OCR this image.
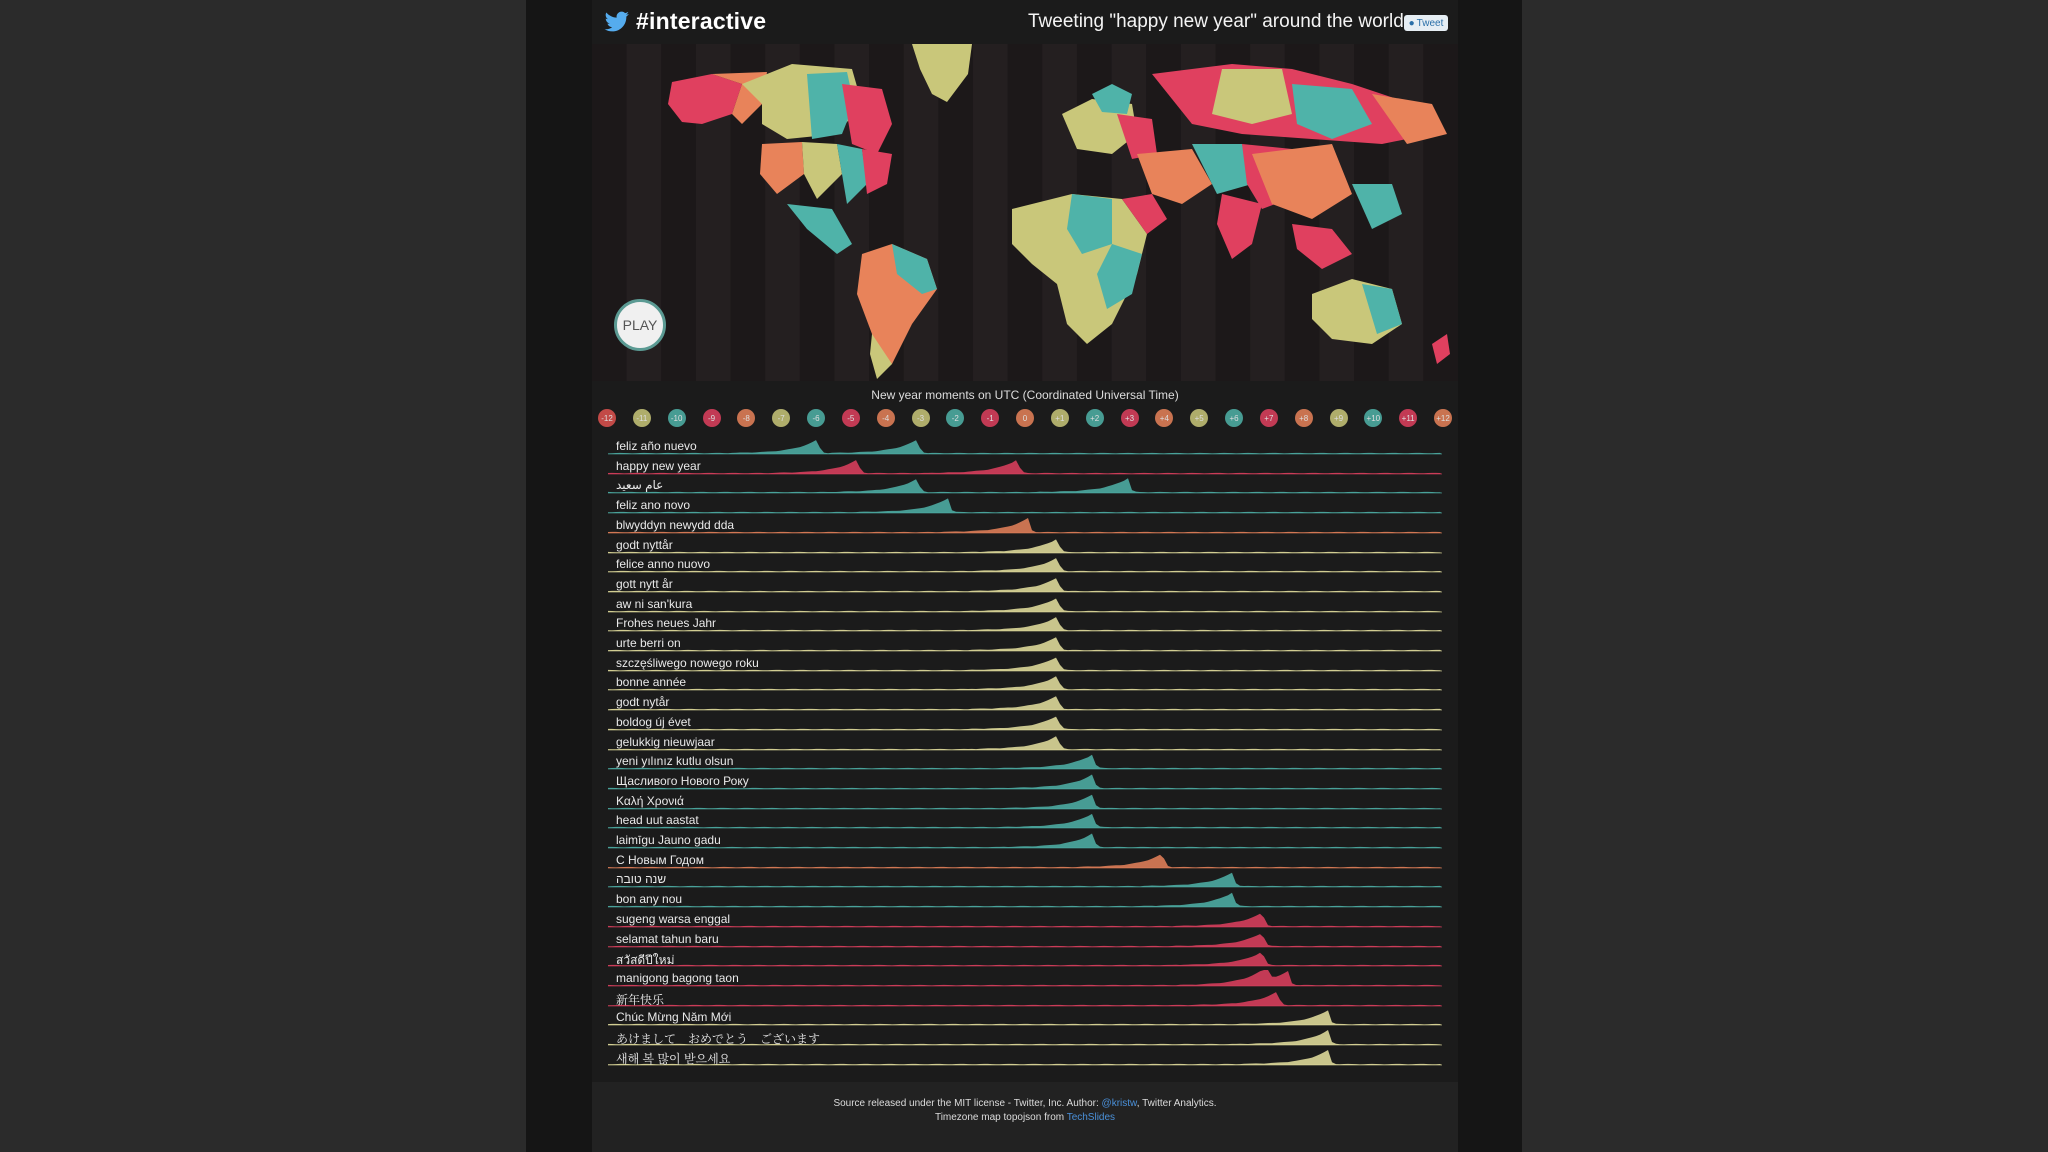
#interactive	Tweeting "happy new year" around the world ● Tweet
PLAY
New year moments on UTC (Coordinated Universal Time)
-12	-11	-10	-9	-8	-7	-6	-5	-4	-3	-2	-1	0	+1	+2	+3	+4	+5	+6	+7	+8	+9	+10	+11	+12
feliz año nuevo
happy new year
عام سعيد
feliz ano novo
blwyddyn newydd dda
godt nyttår
felice anno nuovo
gott nytt år
aw ni san'kura
Frohes neues Jahr
urte berri on
szczęśliwego nowego roku
bonne année
godt nytår
boldog új évet
gelukkig nieuwjaar
yeni yılınız kutlu olsun
Щасливого Нового Року
Καλή Χρονιά
head uut aastat
laimīgu Jauno gadu
С Новым Годом
שנה טובה
bon any nou
sugeng warsa enggal
selamat tahun baru
สวัสดีปีใหม่
manigong bagong taon
新年快乐
Chúc Mừng Năm Mới
あけまして　おめでとう　ございます
새해 복 많이 받으세요
Source released under the MIT license - Twitter, Inc. Author: @kristw, Twitter Analytics.
Timezone map topojson from TechSlides
